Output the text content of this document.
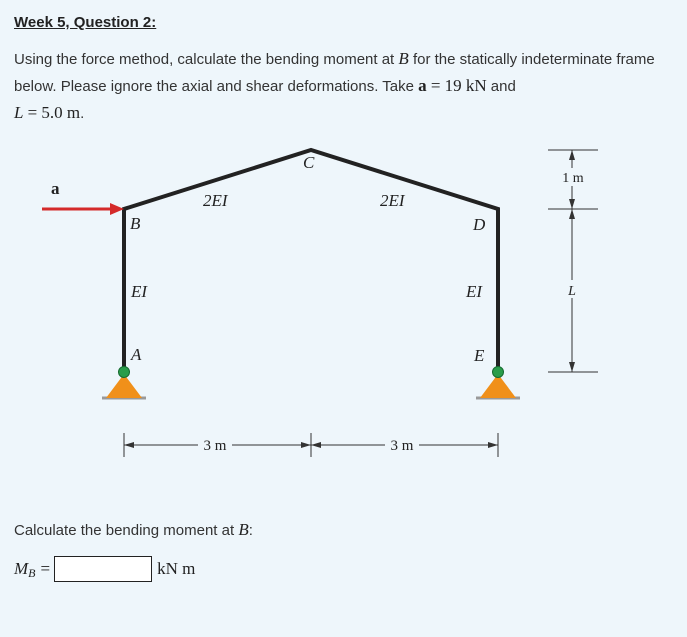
Week 5, Question 2:
Using the force method, calculate the bending moment at B for the statically indeterminate frame below. Please ignore the axial and shear deformations. Take a = 19 kN and
L = 5.0 m.
a
B
C
D
A	E
2EI	2EI
EI	EI
3 m	3 m
1 m
L
Calculate the bending moment at B:
M B =	kN m
